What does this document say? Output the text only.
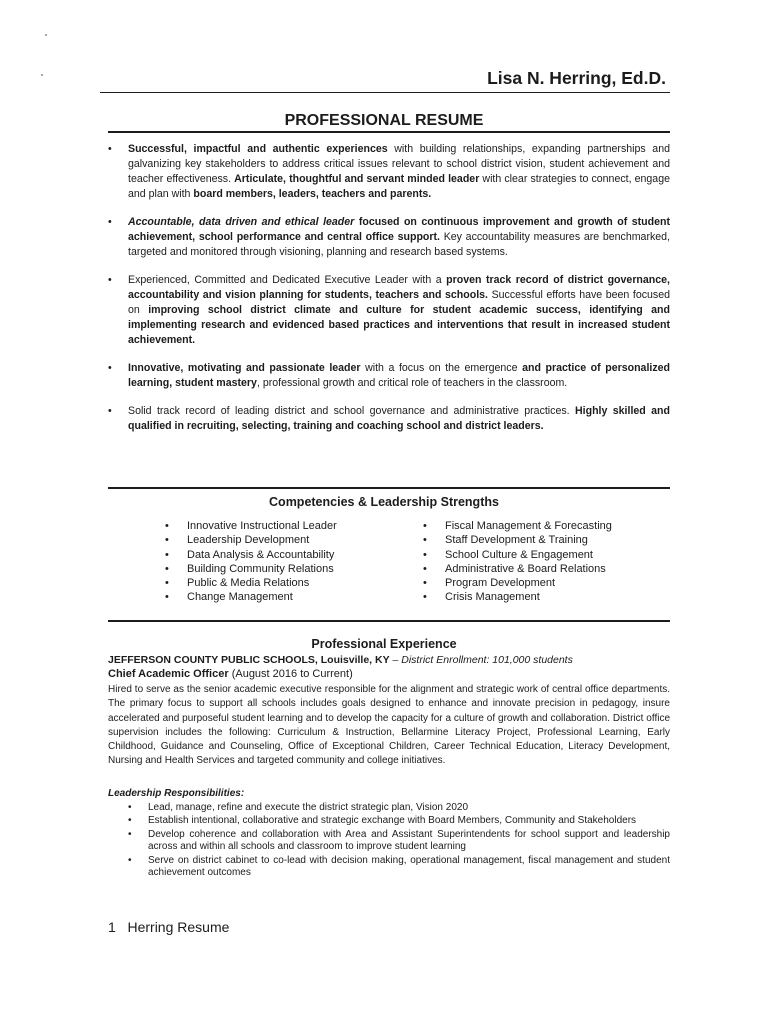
Lisa N. Herring, Ed.D.
PROFESSIONAL RESUME
• Successful, impactful and authentic experiences with building relationships, expanding partnerships and galvanizing key stakeholders to address critical issues relevant to school district vision, student achievement and teacher effectiveness. Articulate, thoughtful and servant minded leader with clear strategies to connect, engage and plan with board members, leaders, teachers and parents.
• Accountable, data driven and ethical leader focused on continuous improvement and growth of student achievement, school performance and central office support. Key accountability measures are benchmarked, targeted and monitored through visioning, planning and research based systems.
• Experienced, Committed and Dedicated Executive Leader with a proven track record of district governance, accountability and vision planning for students, teachers and schools. Successful efforts have been focused on improving school district climate and culture for student academic success, identifying and implementing research and evidenced based practices and interventions that result in increased student achievement.
• Innovative, motivating and passionate leader with a focus on the emergence and practice of personalized learning, student mastery, professional growth and critical role of teachers in the classroom.
• Solid track record of leading district and school governance and administrative practices. Highly skilled and qualified in recruiting, selecting, training and coaching school and district leaders.
Competencies & Leadership Strengths
• Innovative Instructional Leader
• Leadership Development
• Data Analysis & Accountability
• Building Community Relations
• Public & Media Relations
• Change Management
• Fiscal Management & Forecasting
• Staff Development & Training
• School Culture & Engagement
• Administrative & Board Relations
• Program Development
• Crisis Management
Professional Experience
JEFFERSON COUNTY PUBLIC SCHOOLS, Louisville, KY – District Enrollment: 101,000 students
Chief Academic Officer (August 2016 to Current)
Hired to serve as the senior academic executive responsible for the alignment and strategic work of central office departments. The primary focus to support all schools includes goals designed to enhance and innovate precision in pedagogy, insure accelerated and purposeful student learning and to develop the capacity for a culture of growth and collaboration. District office supervision includes the following: Curriculum & Instruction, Bellarmine Literacy Project, Professional Learning, Early Childhood, Guidance and Counseling, Office of Exceptional Children, Career Technical Education, Literacy Development, Nursing and Health Services and targeted community and college initiatives.
Leadership Responsibilities:
• Lead, manage, refine and execute the district strategic plan, Vision 2020
• Establish intentional, collaborative and strategic exchange with Board Members, Community and Stakeholders
• Develop coherence and collaboration with Area and Assistant Superintendents for school support and leadership across and within all schools and classroom to improve student learning
• Serve on district cabinet to co-lead with decision making, operational management, fiscal management and student achievement outcomes
1 Herring Resume
